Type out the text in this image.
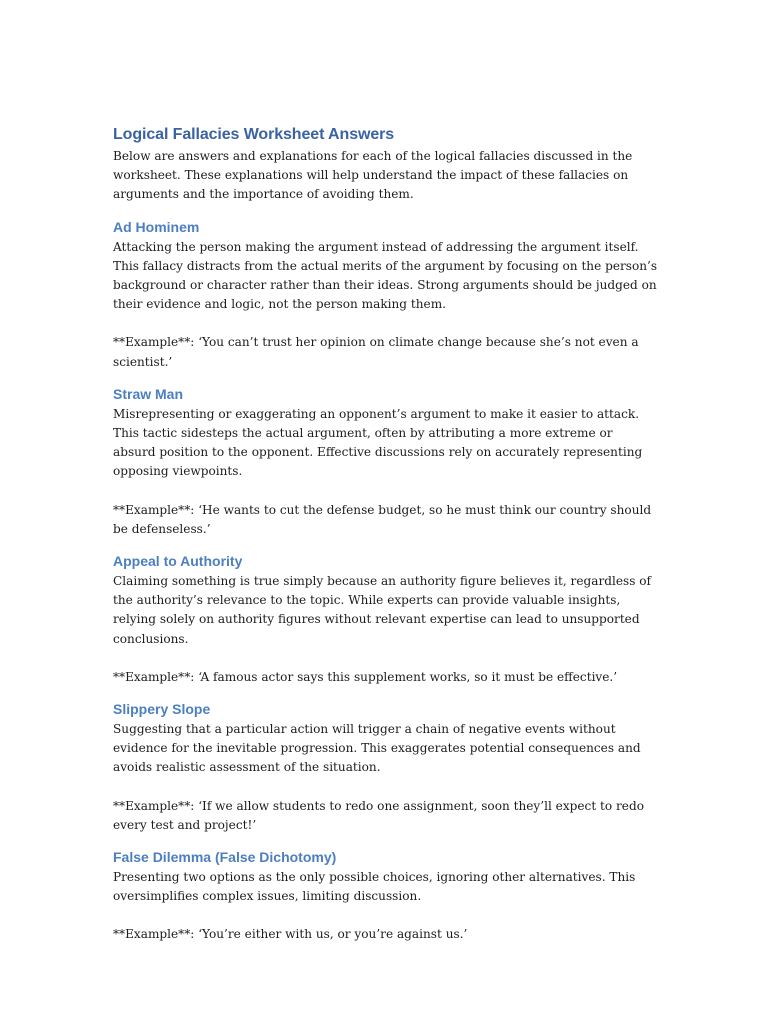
Logical Fallacies Worksheet Answers

Below are answers and explanations for each of the logical fallacies discussed in the worksheet. These explanations will help understand the impact of these fallacies on arguments and the importance of avoiding them.

Ad Hominem

Attacking the person making the argument instead of addressing the argument itself. This fallacy distracts from the actual merits of the argument by focusing on the person’s background or character rather than their ideas. Strong arguments should be judged on their evidence and logic, not the person making them.

**Example**: ‘You can’t trust her opinion on climate change because she’s not even a scientist.’

Straw Man

Misrepresenting or exaggerating an opponent’s argument to make it easier to attack. This tactic sidesteps the actual argument, often by attributing a more extreme or absurd position to the opponent. Effective discussions rely on accurately representing opposing viewpoints.

**Example**: ‘He wants to cut the defense budget, so he must think our country should be defenseless.’

Appeal to Authority

Claiming something is true simply because an authority figure believes it, regardless of the authority’s relevance to the topic. While experts can provide valuable insights, relying solely on authority figures without relevant expertise can lead to unsupported conclusions.

**Example**: ‘A famous actor says this supplement works, so it must be effective.’

Slippery Slope

Suggesting that a particular action will trigger a chain of negative events without evidence for the inevitable progression. This exaggerates potential consequences and avoids realistic assessment of the situation.

**Example**: ‘If we allow students to redo one assignment, soon they’ll expect to redo every test and project!’

False Dilemma (False Dichotomy)

Presenting two options as the only possible choices, ignoring other alternatives. This oversimplifies complex issues, limiting discussion.

**Example**: ‘You’re either with us, or you’re against us.’
